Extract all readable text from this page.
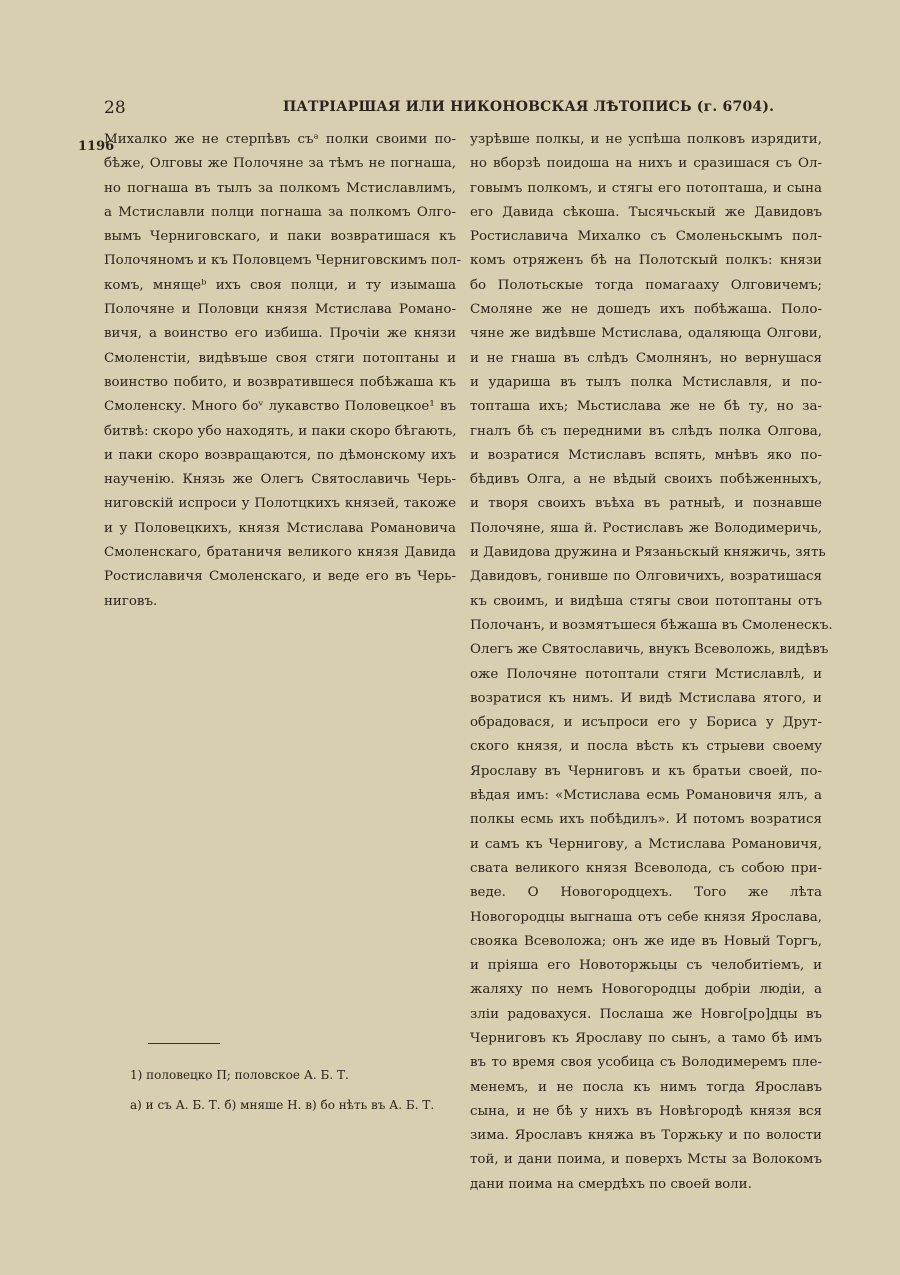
28	ПАТРІАРШАЯ ИЛИ НИКОНОВСКАЯ ЛѢТОПИСЬ (г. 6704).
1196
Михалко же не стерпѣвъ съᵃ полки своими по-
бѣже, Олговы же Полочяне за тѣмъ не погнаша,
но погнаша въ тылъ за полкомъ Мстиславлимъ,
а Мстиславли полци погнаша за полкомъ Олго-
вымъ Черниговскаго, и паки возвратишася къ
Полочяномъ и къ Половцемъ Черниговскимъ пол-
комъ, мнящеᵇ ихъ своя полци, и ту изымаша
Полочяне и Половци князя Мстислава Романо-
вичя, а воинство его избиша. Прочiи же князи
Смоленстiи, видѣвъше своя стяги потоптаны и
воинство побито, и возвратившеся побѣжаша къ
Смоленску. Много боᵛ лукавство Половецкое¹ въ
битвѣ: скоро убо находять, и паки скоро бѣгають,
и паки скоро возвращаются, по дѣмонскому ихъ
наученiю. Князь же Олегъ Святославичь Черь-
ниговскiй испроси у Полотцкихъ князей, такоже
и у Половецкихъ, князя Мстислава Романовича
Смоленскаго, братаничя великого князя Давида
Ростиславичя Смоленскаго, и веде его въ Черь-
ниговъ.
узрѣвше полкы, и не успѣша полковъ изрядити,
но вборзѣ поидоша на нихъ и сразишася съ Ол-
говымъ полкомъ, и стягы его потопташа, и сына
его Давида сѣкоша. Тысячьскый же Давидовъ
Ростиславича Михалко съ Смоленьскымъ пол-
комъ отряженъ бѣ на Полотскый полкъ: князи
бо Полотьскые тогда помагааху Олговичемъ;
Смоляне же не дошедъ ихъ побѣжаша. Поло-
чяне же видѣвше Мстислава, одаляюща Олгови,
и не гнаша въ слѣдъ Смолнянъ, но вернушася
и удариша въ тылъ полка Мстиславля, и по-
топташа ихъ; Мьстислава же не бѣ ту, но за-
гналъ бѣ съ передними въ слѣдъ полка Олгова,
и возратися Мстиславъ вспять, мнѣвъ яко по-
бѣдивъ Олга, а не вѣдый своихъ побѣженныхъ,
и творя своихъ въѣха въ ратныѣ, и познавше
Полочяне, яша й. Ростиславъ же Володимеричь,
и Давидова дружина и Рязаньскый княжичь, зять
Давидовъ, гонивше по Олговичихъ, возратишася
къ своимъ, и видѣша стягы свои потоптаны отъ
Полочанъ, и возмятъшеся бѣжаша въ Смоленескъ.
Олегъ же Святославичь, внукъ Всеволожь, видѣвъ
оже Полочяне потоптали стяги Мстиславлѣ, и
возратися къ нимъ. И видѣ Мстислава ятого, и
обрадовася, и исъпроси его у Бориса у Друт-
ского князя, и посла вѣсть къ стрыеви своему
Ярославу въ Черниговъ и къ братьи своей, по-
вѣдая имъ: «Мстислава есмь Романовичя ялъ, а
полкы есмь ихъ побѣдилъ». И потомъ возратися
и самъ къ Чернигову, а Мстислава Романовичя,
свата великого князя Всеволода, съ собою при-
веде. О Новогородцехъ. Того же лѣта
Новогородцы выгнаша отъ себе князя Ярослава,
свояка Всеволожа; онъ же иде въ Новый Торгъ,
и прiяша его Новоторжьцы съ челобитiемъ, и
жаляху по немъ Новогородцы добрiи людiи, а
злiи радовахуся. Послаша же Новго[ро]дцы въ
Черниговъ къ Ярославу по сынъ, а тамо бѣ имъ
въ то время своя усобица съ Володимеремъ пле-
менемъ, и не посла къ нимъ тогда Ярославъ
сына, и не бѣ у нихъ въ Новѣгородѣ князя вся
зима. Ярославъ княжа въ Торжьку и по волости
той, и дани поима, и поверхъ Мсты за Волокомъ
дани поима на смердѣхъ по своей воли.
1) половецко П; половское А. Б. Т.
а) и съ А. Б. Т. б) мняше Н. в) бо нѣть въ А. Б. Т.
